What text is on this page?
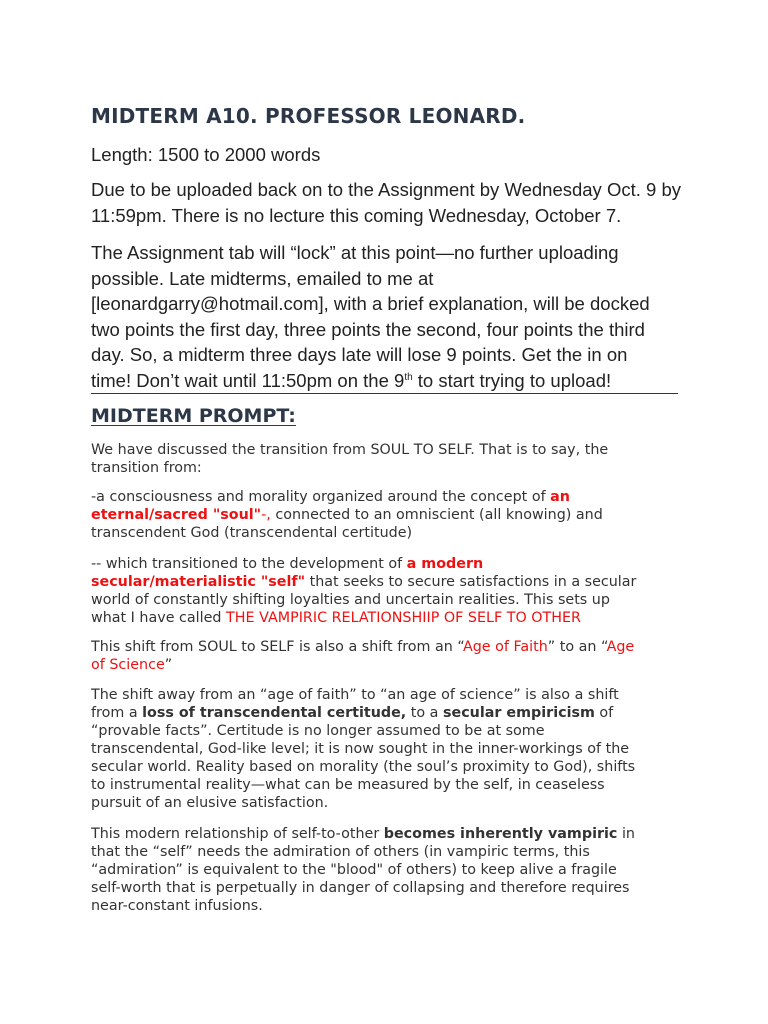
MIDTERM A10. PROFESSOR LEONARD.

Length: 1500 to 2000 words

Due to be uploaded back on to the Assignment by Wednesday Oct. 9 by

11:59pm. There is no lecture this coming Wednesday, October 7.

The Assignment tab will “lock” at this point—no further uploading

possible. Late midterms, emailed to me at

[leonardgarry@hotmail.com], with a brief explanation, will be docked

two points the first day, three points the second, four points the third

day. So, a midterm three days late will lose 9 points. Get the in on

time! Don’t wait until 11:50pm on the 9th to start trying to upload!

MIDTERM PROMPT:

We have discussed the transition from SOUL TO SELF. That is to say, the

transition from:

-a consciousness and morality organized around the concept of an

eternal/sacred "soul"-, connected to an omniscient (all knowing) and

transcendent God (transcendental certitude)

-- which transitioned to the development of a modern

secular/materialistic "self" that seeks to secure satisfactions in a secular

world of constantly shifting loyalties and uncertain realities. This sets up

what I have called THE VAMPIRIC RELATIONSHIIP OF SELF TO OTHER

This shift from SOUL to SELF is also a shift from an “Age of Faith” to an “Age

of Science”

The shift away from an “age of faith” to “an age of science” is also a shift

from a loss of transcendental certitude, to a secular empiricism of

“provable facts”. Certitude is no longer assumed to be at some

transcendental, God-like level; it is now sought in the inner-workings of the

secular world. Reality based on morality (the soul’s proximity to God), shifts

to instrumental reality—what can be measured by the self, in ceaseless

pursuit of an elusive satisfaction.

This modern relationship of self-to-other becomes inherently vampiric in

that the “self” needs the admiration of others (in vampiric terms, this

“admiration” is equivalent to the "blood" of others) to keep alive a fragile

self-worth that is perpetually in danger of collapsing and therefore requires

near-constant infusions.
